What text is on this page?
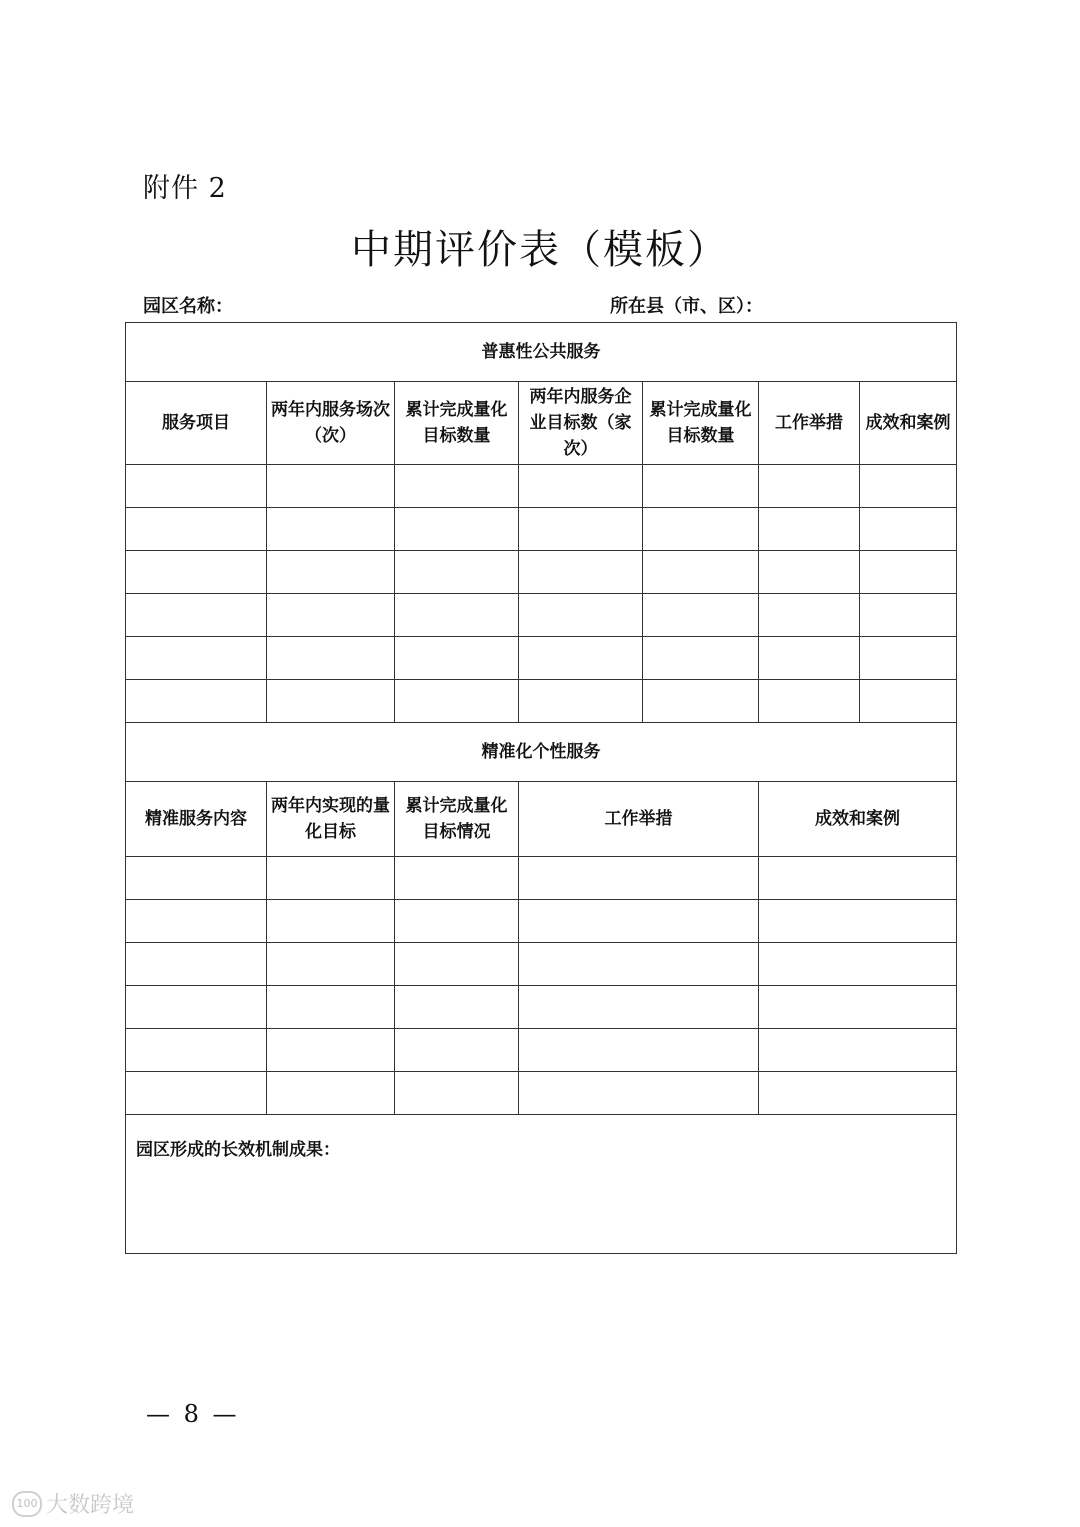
附件 2
中期评价表（模板）
园区名称：	所在县（市、区）：
普惠性公共服务						
服务项目	两年内服务场次（次）	累计完成量化目标数量	两年内服务企业目标数（家次）	累计完成量化目标数量	工作举措	成效和案例

精准化个性服务						
精准服务内容	两年内实现的量化目标	累计完成量化目标情况	工作举措		成效和案例	

园区形成的长效机制成果：						
— 8 —
100 大数跨境
